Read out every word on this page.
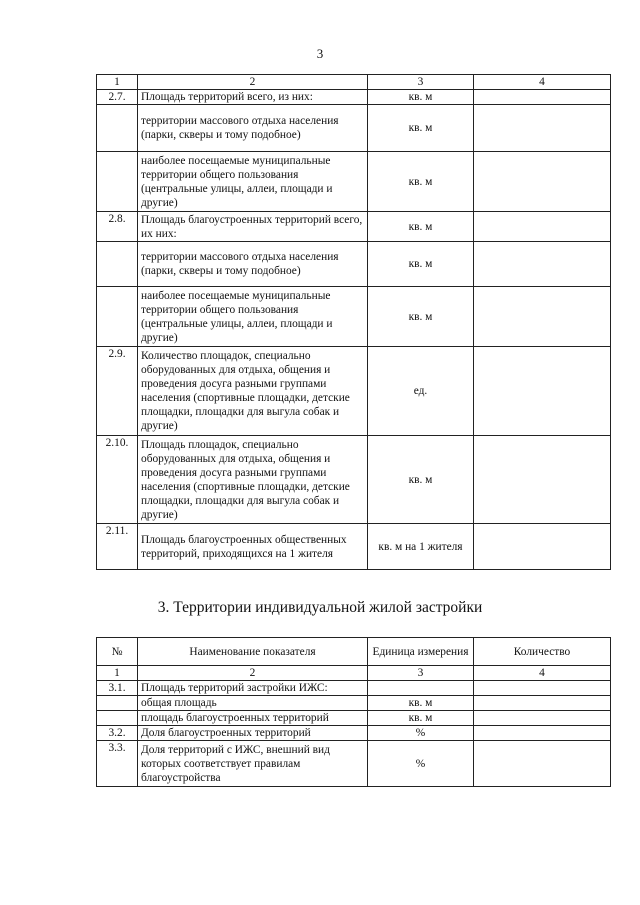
3
1	2	3	4
2.7.	Площадь территорий всего, из них:	кв. м	
	территории массового отдыха населения (парки, скверы и тому подобное)	кв. м	
	наиболее посещаемые муниципальные территории общего пользования (центральные улицы, аллеи, площади и другие)	кв. м	
2.8.	Площадь благоустроенных территорий всего, их них:	кв. м	
	территории массового отдыха населения (парки, скверы и тому подобное)	кв. м	
	наиболее посещаемые муниципальные территории общего пользования (центральные улицы, аллеи, площади и другие)	кв. м	
2.9.	Количество площадок, специально оборудованных для отдыха, общения и проведения досуга разными группами населения (спортивные площадки, детские площадки, площадки для выгула собак и другие)	ед.	
2.10.	Площадь площадок, специально оборудованных для отдыха, общения и проведения досуга разными группами населения (спортивные площадки, детские площадки, площадки для выгула собак и другие)	кв. м	
2.11.	Площадь благоустроенных общественных территорий, приходящихся на 1 жителя	кв. м на 1 жителя	
3. Территории индивидуальной жилой застройки
№	Наименование показателя	Единица измерения	Количество
1	2	3	4
3.1.	Площадь территорий застройки ИЖС:		
	общая площадь	кв. м	
	площадь благоустроенных территорий	кв. м	
3.2.	Доля благоустроенных территорий	%	
3.3.	Доля территорий с ИЖС, внешний вид которых соответствует правилам благоустройства	%	
